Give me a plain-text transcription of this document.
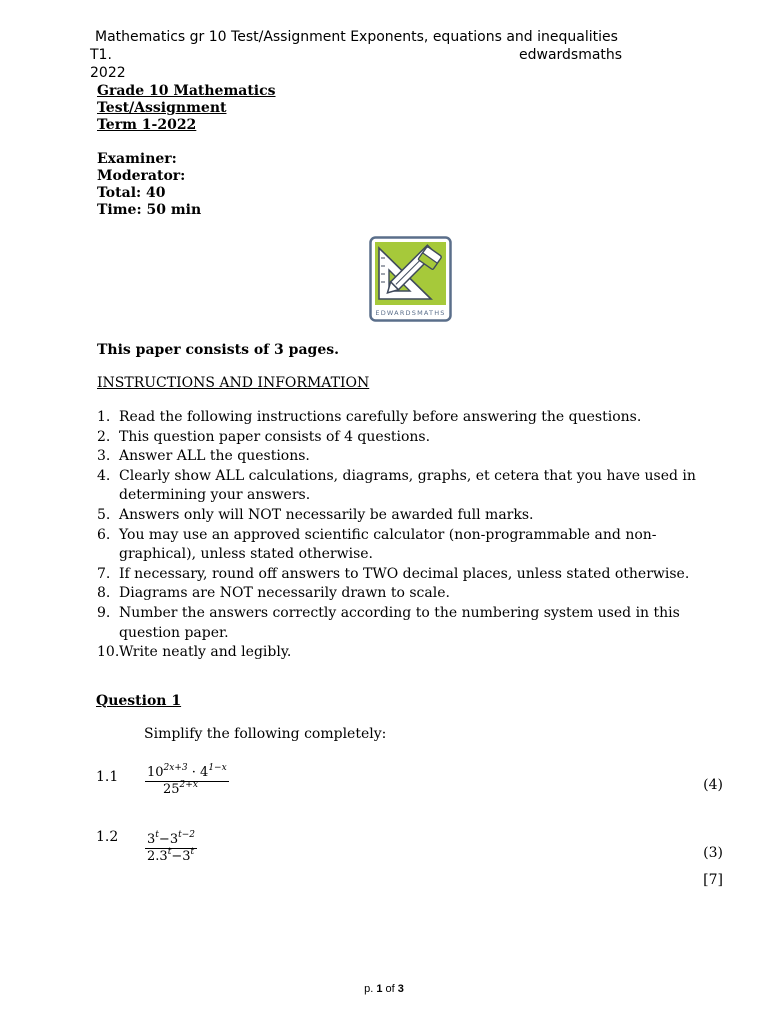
Mathematics gr 10 Test/Assignment Exponents, equations and inequalities
T1.	edwardsmaths
2022
Grade 10 Mathematics
Test/Assignment
Term 1-2022
Examiner:
Moderator:
Total: 40
Time: 50 min
EDWARDSMATHS
This paper consists of 3 pages.
INSTRUCTIONS AND INFORMATION
1. Read the following instructions carefully before answering the questions.
2. This question paper consists of 4 questions.
3. Answer ALL the questions.
4. Clearly show ALL calculations, diagrams, graphs, et cetera that you have used in determining your answers.
5. Answers only will NOT necessarily be awarded full marks.
6. You may use an approved scientific calculator (non-programmable and non-graphical), unless stated otherwise.
7. If necessary, round off answers to TWO decimal places, unless stated otherwise.
8. Diagrams are NOT necessarily drawn to scale.
9. Number the answers correctly according to the numbering system used in this question paper.
10. Write neatly and legibly.
Question 1
Simplify the following completely:
1.1 $10^{2x+3} \cdot 4^{1-x}$
$25^{2+x}$	(4)
1.2 $3^t-3^{t-2}$
$2.3^t-3^t$	(3)
[7]
p. 1 of 3
